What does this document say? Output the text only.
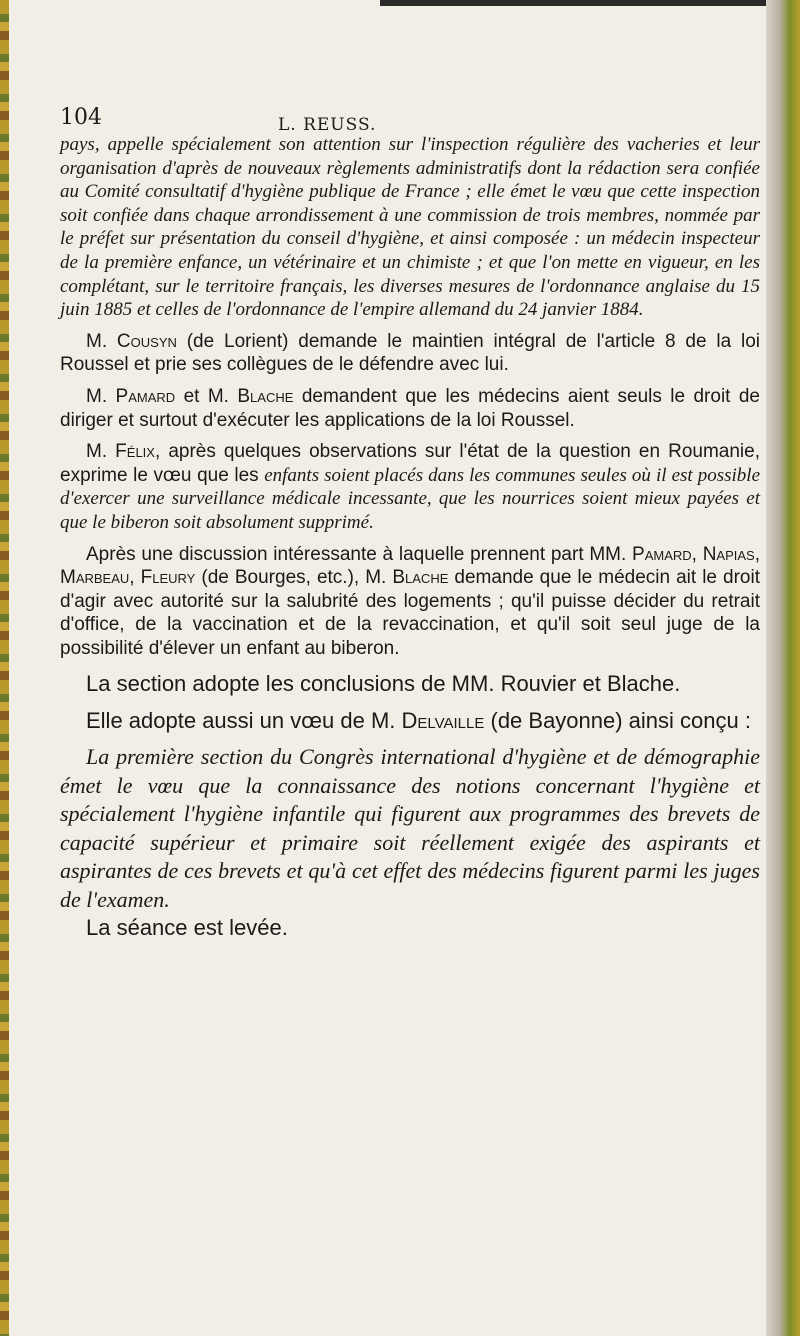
104	L. REUSS.

pays, appelle spécialement son attention sur l'inspection régulière des vacheries et leur organisation d'après de nouveaux règlements administratifs dont la rédaction sera confiée au Comité consultatif d'hygiène publique de France ; elle émet le vœu que cette inspection soit confiée dans chaque arrondissement à une commission de trois membres, nommée par le préfet sur présentation du conseil d'hygiène, et ainsi composée : un médecin inspecteur de la première enfance, un vétérinaire et un chimiste ; et que l'on mette en vigueur, en les complétant, sur le territoire français, les diverses mesures de l'ordonnance anglaise du 15 juin 1885 et celles de l'ordonnance de l'empire allemand du 24 janvier 1884.

M. Cousyn (de Lorient) demande le maintien intégral de l'article 8 de la loi Roussel et prie ses collègues de le défendre avec lui.

M. Pamard et M. Blache demandent que les médecins aient seuls le droit de diriger et surtout d'exécuter les applications de la loi Roussel.

M. Félix, après quelques observations sur l'état de la question en Roumanie, exprime le vœu que les enfants soient placés dans les communes seules où il est possible d'exercer une surveillance médicale incessante, que les nourrices soient mieux payées et que le biberon soit absolument supprimé.

Après une discussion intéressante à laquelle prennent part MM. Pamard, Napias, Marbeau, Fleury (de Bourges, etc.), M. Blache demande que le médecin ait le droit d'agir avec autorité sur la salubrité des logements ; qu'il puisse décider du retrait d'office, de la vaccination et de la revaccination, et qu'il soit seul juge de la possibilité d'élever un enfant au biberon.

La section adopte les conclusions de MM. Rouvier et Blache.

Elle adopte aussi un vœu de M. Delvaille (de Bayonne) ainsi conçu :

La première section du Congrès international d'hygiène et de démographie émet le vœu que la connaissance des notions concernant l'hygiène et spécialement l'hygiène infantile qui figurent aux programmes des brevets de capacité supérieur et primaire soit réellement exigée des aspirants et aspirantes de ces brevets et qu'à cet effet des médecins figurent parmi les juges de l'examen.

La séance est levée.
